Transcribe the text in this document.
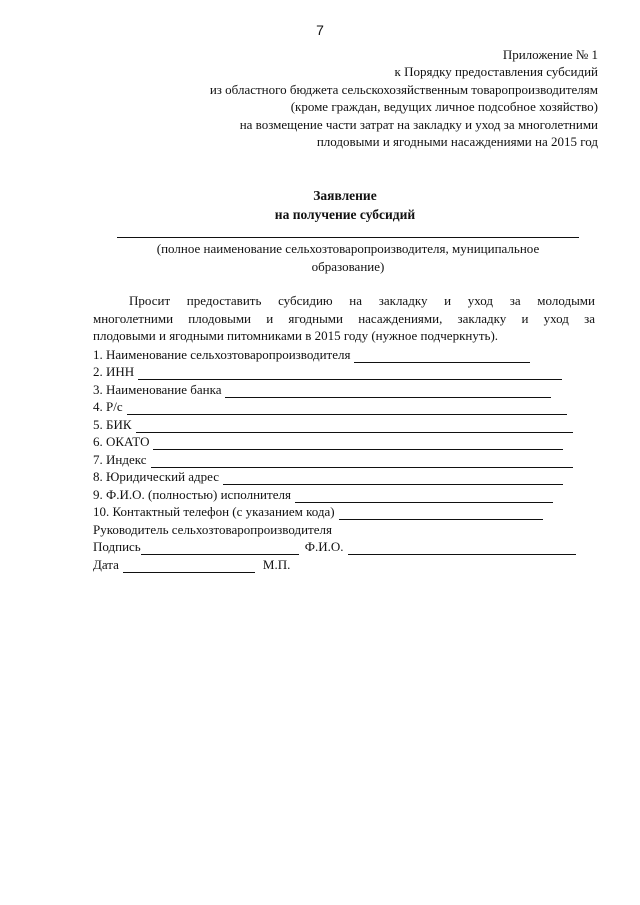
7
Приложение № 1
к Порядку предоставления субсидий
из областного бюджета сельскохозяйственным товаропроизводителям
(кроме граждан, ведущих личное подсобное хозяйство)
на возмещение части затрат на закладку и уход за многолетними
плодовыми и ягодными насаждениями на 2015 год
Заявление
на получение субсидий
(полное наименование сельхозтоваропроизводителя, муниципальное
образование)
Просит предоставить субсидию на закладку и уход за молодыми
многолетними плодовыми и ягодными насаждениями, закладку и уход за
плодовыми и ягодными питомниками в 2015 году (нужное подчеркнуть).
1. Наименование сельхозтоваропроизводителя
2. ИНН
3. Наименование банка
4. Р/с
5. БИК
6. ОКАТО
7. Индекс
8. Юридический адрес
9. Ф.И.О. (полностью) исполнителя
10. Контактный телефон (с указанием кода)
Руководитель сельхозтоваропроизводителя
Подпись	Ф.И.О.
Дата	М.П.
